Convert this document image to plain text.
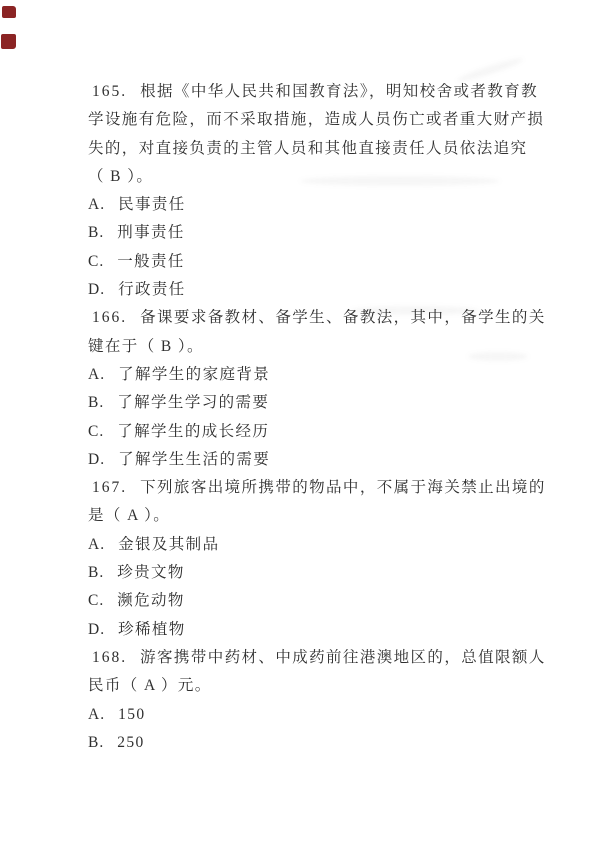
165. 根据《中华人民共和国教育法》，明知校舍或者教育教
学设施有危险，而不采取措施，造成人员伤亡或者重大财产损
失的，对直接负责的主管人员和其他直接责任人员依法追究
（ B ）。
A. 民事责任
B. 刑事责任
C. 一般责任
D. 行政责任
166. 备课要求备教材、备学生、备教法，其中，备学生的关
键在于（ B ）。
A. 了解学生的家庭背景
B. 了解学生学习的需要
C. 了解学生的成长经历
D. 了解学生生活的需要
167. 下列旅客出境所携带的物品中，不属于海关禁止出境的
是（ A ）。
A. 金银及其制品
B. 珍贵文物
C. 濒危动物
D. 珍稀植物
168. 游客携带中药材、中成药前往港澳地区的，总值限额人
民币（ A ）元。
A. 150
B. 250
